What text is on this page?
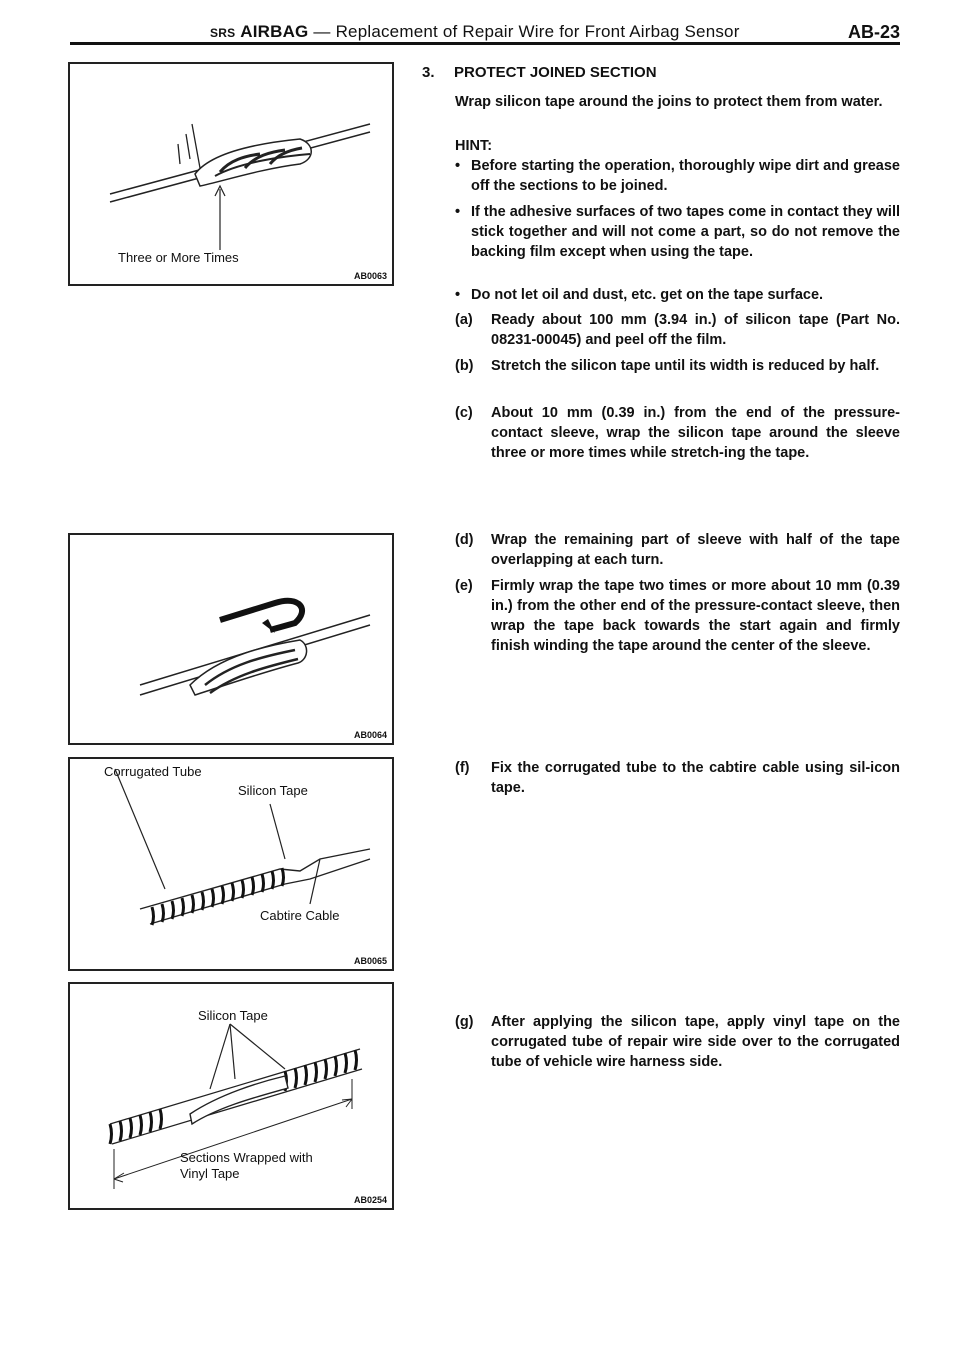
SRS AIRBAG — Replacement of Repair Wire for Front Airbag Sensor	AB-23
Three or More Times
AB0063
AB0064
Corrugated Tube
Silicon Tape
Cabtire Cable
AB0065
Silicon Tape
Sections Wrapped with
Vinyl Tape
AB0254
3. PROTECT JOINED SECTION
Wrap silicon tape around the joins to protect them from water.
HINT:
• Before starting the operation, thoroughly wipe dirt and grease off the sections to be joined.
• If the adhesive surfaces of two tapes come in contact they will stick together and will not come a part, so do not remove the backing film except when using the tape.
• Do not let oil and dust, etc. get on the tape surface.
(a) Ready about 100 mm (3.94 in.) of silicon tape (Part No. 08231-00045) and peel off the film.
(b) Stretch the silicon tape until its width is reduced by half.
(c) About 10 mm (0.39 in.) from the end of the pressure-contact sleeve, wrap the silicon tape around the sleeve three or more times while stretch-ing the tape.
(d) Wrap the remaining part of sleeve with half of the tape overlapping at each turn.
(e) Firmly wrap the tape two times or more about 10 mm (0.39 in.) from the other end of the pressure-contact sleeve, then wrap the tape back towards the start again and firmly finish winding the tape around the center of the sleeve.
(f) Fix the corrugated tube to the cabtire cable using sil-icon tape.
(g) After applying the silicon tape, apply vinyl tape on the corrugated tube of repair wire side over to the corrugated tube of vehicle wire harness side.
